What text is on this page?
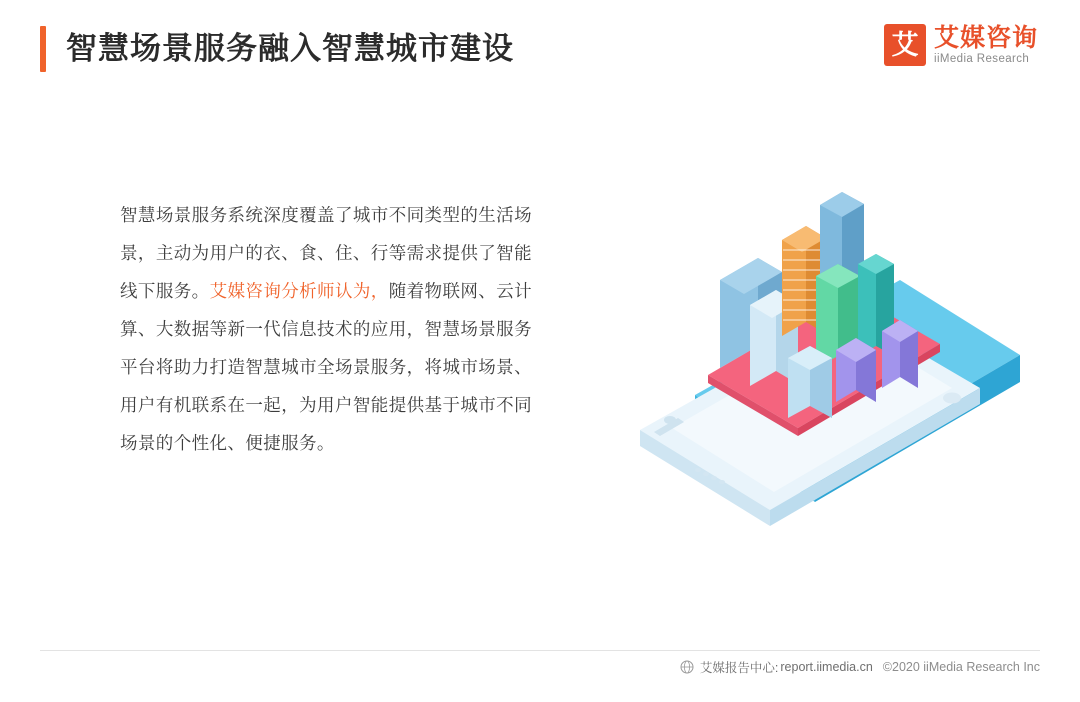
智慧场景服务融入智慧城市建设	艾 艾媒咨询
iiMedia Research
智慧场景服务系统深度覆盖了城市不同类型的生活场景，主动为用户的衣、食、住、行等需求提供了智能线下服务。艾媒咨询分析师认为，随着物联网、云计算、大数据等新一代信息技术的应用，智慧场景服务平台将助力打造智慧城市全场景服务，将城市场景、用户有机联系在一起，为用户智能提供基于城市不同场景的个性化、便捷服务。
艾媒报告中心: report.iimedia.cn ©2020 iiMedia Research Inc
